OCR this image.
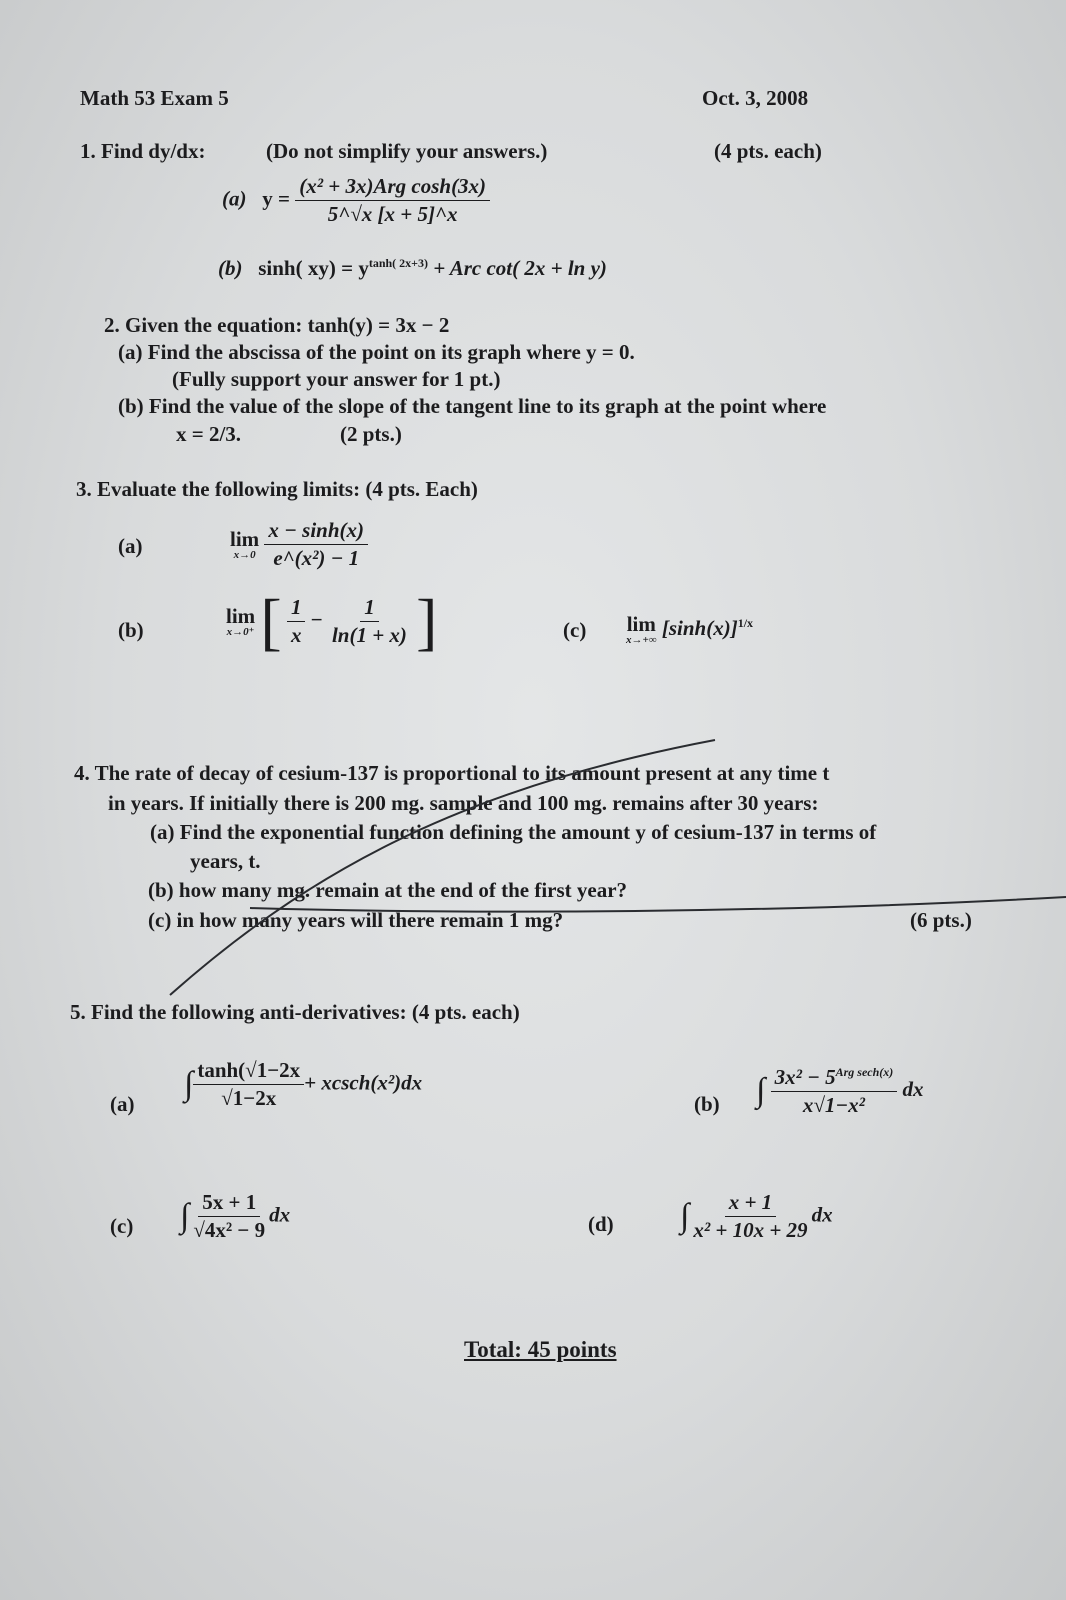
Math 53 Exam 5	Oct. 3, 2008
1. Find dy/dx:	(Do not simplify your answers.)	(4 pts. each)
(a) $y = \frac{\text{(x² + 3x)Arg cosh(3x)}}{5\^{}√x [x + 5]\^{}x}$
(b) sinh( $xy) = y^{tanh( 2x+3)}$ + Arc cot( 2x + ln y)
2. Given the equation: tanh(y) = 3x − 2
(a) Find the abscissa of the point on its graph where y = 0.
(Fully support your answer for 1 pt.)
(b) Find the value of the slope of the tangent line to its graph at the point where
x = 2/3.	(2 pts.)
3. Evaluate the following limits: (4 pts. Each)
(a)	lim
x→0
$\frac{x - \sinh(x)}{\text{e\textasciicircum{}(x²) − 1}}$
(b)
lim
x→0⁺ [ $\frac{1}{x} - \frac{1}{\ln(1 + x)}$ ]	(c) lim
x→+∞
$[\sinh(x)]^{1/x}$
4. The rate of decay of cesium-137 is proportional to its amount present at any time t
in years. If initially there is 200 mg. sample and 100 mg. remains after 30 years:
(a) Find the exponential function defining the amount y of cesium-137 in terms of
years, t.
(b) how many mg. remain at the end of the first year?
(c) in how many years will there remain 1 mg?	(6 pts.)
5. Find the following anti-derivatives: (4 pts. each)
(a)
∫ $\frac{\tanh(√1-2x}{√1-2x} + xcsch(x^2)dx$
(b) ∫ $\frac{3x^2 - 5^{Arg sech(x)}}{\text{x√1−x²}}$ dx
(c) ∫ $\frac{5x + 1}{\text{√4x² − 9}}$ dx	(d) ∫ $\frac{x + 1}{\text{x² + 10x + 29}}$ dx
Total: 45 points
